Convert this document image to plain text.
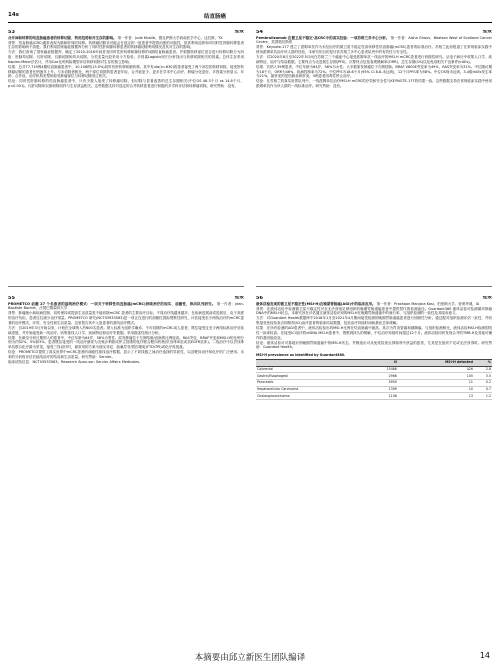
14s	结直肠癌
53	壁报

合并神和转移的结直肠癌患者的转移切除、利用趋势和对生存的影响。 第一作者：Jude Khatib，德克萨斯大学西南医学中心，达拉斯，TX

背景：结直肠癌(CRC)通常表现为肺和肝同时转移。转移瘤切除术可能会在选定的一组患者中提供治愈的可能性，但其利用趋势和对同时性肝肺转移患者生存的影响尚不清楚。我们利用国家癌症数据库分析了同时性肝和肺转移患者的转移瘤切除利用情况及其对生存的影响。

方法：我们查询了国家癌症数据库，确定了2010-2016年间首发同时性肝转移和肺转移的4期结直肠癌患者。并根据转移部位是否进行转移切除分为四组：肝肺均切除、仅肝切除、仅肺切除和均未切除。分类变量比较采用卡方检验，多因素Logistic回归分析找出与转移切除相关的因素。总体生存采用Kaplan-Meier法估计，并用Cox比例风险模型评估转移切除对生存的独立影响。

结果：总共77,719例4期结直肠癌患者中，10,106例(13.0%)同时有肝转移和肺转移。其中有ufa(n=630)的患者接受了两个部位的转移切除，接受肝转移瘤切除的患者比例逐年上升。与未切除者相比，两个部位切除的患者更年轻、合并症更少、更多在学术中心治疗、肿瘤分化更好。多因素分析显示，年龄、合并症、治疗机构类型和原发肿瘤部位与转移切除独立相关。

结论：同时性肝肺转移的结直肠癌患者中，只有少数人接受了转移瘤切除，但切除与显著改善的总生存期相关(中位OS 46.3个月 vs 14.8个月，p<0.001)。仅肝切除和仅肺切除同样与生存获益相关。这些数据支持对选定的合并转移患者进行积极的多学科评估和转移瘤切除。研究赞助：没有。

55	壁报

PROMETCO 前瞻 27 个名患者的基线治疗模式：一项关于转移性结直肠癌(mCRC)持续治疗的现实、前瞻性、纵向队列研究。 第一作者：Jean-Baptiste Bachet，法国巴黎索邦大学

背景：肿瘤缩小和疾病控制，同时保持或提高生活质量是不能切除mCRC 患者的主要治疗目标。不同治疗线越来越多，在疾病进展前或进展后，由于高度的治疗负担，患者往往减少治疗剂量。PROMETCO 研究(NCT03933563)是一项正在进行的前瞻性国际观察性研究，评估接受至少两线治疗的mCRC患者的治疗模式、疗效、安全性和生活质量。这里报告其中入组患者的基线治疗模式。

方法：自2019年3月开始以来，计划在全球纳入约600名患者。纳入标准为组织学确诊、不可切除的mCRC成人患者，既往接受过至少两线标准治疗后疾病进展，并开始接受新一线治疗。收集基线人口学、疾病特征和治疗史数据。采用描述性统计分析。

结果：在截至分析日期纳入的患者中，中位年龄为64岁，58%为男性；原发肿瘤位于左侧结肠/直肠的比例较高。RAS突变、BRAF突变和MSI-H的比例分别为约52%、5%和3%。患者既往接受的一线治疗最常为含奥沙利铂或伊立替康的化疗联合靶向药物(贝伐珠单抗或抗EGFR抗体)。二线治疗中以贝伐珠单抗联合化疗最为常见。接受三线治疗时，最常用的方案为瑞戈非尼、曲氟尿苷/替匹嘧啶(FTD/TPI)或化疗再挑战。

结论：PROMETCO提供了真实世界中mCRC患者的前瞻性基线治疗数据，显示了不同线数之间治疗选择的异质性，以及靶向治疗和化疗的广泛使用。未来的分析将评估后续线治疗的结局和生活质量。研究赞助：Servier。

临床试验信息：NCT03933563。Research Spon-sor: Servier Affairs Medicales.

54	壁报

Pembrolizumab 在微卫星不稳定-高CRC中的真实经验：一项苏格兰多中心分析。 第一作者：Aisha Ghaus，Beatson West of Scotland Cancer Centre，英国格拉斯哥

背景：Keynote-177 建立了派姆单抗作为未经治疗的微卫星不稳定性高转移性结直肠癌(mCRC)患者的标准治疗。苏格兰此前报道了在常规临床实践中使用派姆单抗治疗该人群的经验，本研究的目的是评估苏格兰多中心患者队列中的有效性与安全性。

方法：对2020年8月至2022年5月间在苏格兰三个癌症中心接受派姆单抗一线治疗的MSI-H mCRC患者进行回顾性研究。从电子病历中收集人口学、疾病特征、治疗与结局数据。主要终点为无进展生存期(PFS)，次要终点包括客观缓解率(ORR)、总生存期(OS)以及免疫相关不良事件(irAEs)。

结果：共纳入39例患者，中位年龄为64岁，56%为女性；大多数原发肿瘤位于右侧结肠。BRAF V600E突变率为49%，RAS突变率为31%。中位随访期为18个月，ORR为46%，疾病控制率为72%。中位PFS为18.6个月(95% CI 8.8-未达到)，12个月PFS率为58%。中位OS尚未达到。3-4级irAEs发生率为21%，最常见的是结肠炎和肝炎，4例患者因毒性停止治疗。

结论：在苏格兰的真实世界队列中，一线派姆单抗治疗MSI-H mCRC的疗效和安全性与KEYNOTE-177的结果一致。这些数据支持在常规临床实践中使用派姆单抗作为该人群的一线标准治疗。研究赞助：没有。

56	壁报

液体活检发现的微卫星不稳定性(MSI-H)在晚期胃肠癌(AGI)中的临床应用。 第一作者：Prashoon Manjara Kasi，伯里斯大学，爱荷华城，IA

背景：在液体活检中检测微卫星不稳定性可在无法获取足够组织的晚期胃肠道癌患者中提供替代的检测途径。Guardant360 液体活检可检测循环肿瘤DNA中的MSI-H状态。本研究旨在评估通过液体活检识别的MSI-H在晚期胃肠道癌中的流行率、与组织检测的一致性及其临床意义。

方法：对Guardant Health数据库中2018年1月至2021年4月期间接受检测的晚期胃肠道癌患者进行回顾性分析。通过配对组织检测评估一致性，并收集接受免疫检查点抑制剂(ICI)治疗患者的临床结局数据，包括治疗持续时间和最佳总体缓解。

结果：在所有检测的AGI患者中，液体活检检出的MSI-H比例在结直肠癌中最高，其次为胃食管癌和胰腺癌。与组织检测相比，液体活检MSI-H检测的阳性一致率较高。在接受ICI治疗的ctDNA MSI-H患者中，观察到持久的缓解，中位治疗持续时间超过12个月。液体活检同时发现合并的TMB-H及其他可操作的基因组改变。

结论：液体活检可可靠地识别晚期胃肠道癌中的MSI-H状态，并筛选出可从免疫检查点抑制剂中获益的患者，尤其是在组织不足或无法获得时。研究赞助：Guardant Health。

MSI-H prevalence as identified by Guardant360.
	N	MSI-H detected	%
Colorectal	15466	426	2.8
Gastric/Esophageal	2966	105	3.5
Pancreatic	5950	11	0.2
Hepatocellular Carcinoma	1399	10	0.7
Cholangiocarcinoma	1106	13	1.2
本摘要由邱立新医生团队编译	14
